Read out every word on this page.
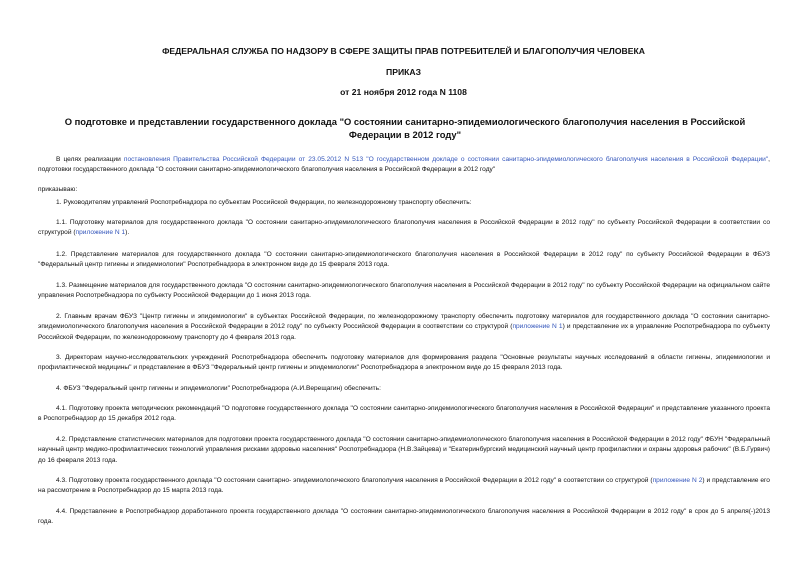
ФЕДЕРАЛЬНАЯ СЛУЖБА ПО НАДЗОРУ В СФЕРЕ ЗАЩИТЫ ПРАВ ПОТРЕБИТЕЛЕЙ И БЛАГОПОЛУЧИЯ ЧЕЛОВЕКА
ПРИКАЗ
от 21 ноября 2012 года N 1108
О подготовке и представлении государственного доклада "О состоянии санитарно-эпидемиологического благополучия населения в Российской Федерации в 2012 году"
В целях реализации постановления Правительства Российской Федерации от 23.05.2012 N 513 "О государственном докладе о состоянии санитарно-эпидемиологического благополучия населения в Российской Федерации", подготовки государственного доклада "О состоянии санитарно-эпидемиологического благополучия населения в Российской Федерации в 2012 году"
приказываю:
1. Руководителям управлений Роспотребнадзора по субъектам Российской Федерации, по железнодорожному транспорту обеспечить:
1.1. Подготовку материалов для государственного доклада "О состоянии санитарно-эпидемиологического благополучия населения в Российской Федерации в 2012 году" по субъекту Российской Федерации в соответствии со структурой (приложение N 1).
1.2. Представление материалов для государственного доклада "О состоянии санитарно-эпидемиологического благополучия населения в Российской Федерации в 2012 году" по субъекту Российской Федерации в ФБУЗ "Федеральный центр гигиены и эпидемиологии" Роспотребнадзора в электронном виде до 15 февраля 2013 года.
1.3. Размещение материалов для государственного доклада "О состоянии санитарно-эпидемиологического благополучия населения в Российской Федерации в 2012 году" по субъекту Российской Федерации на официальном сайте управления Роспотребнадзора по субъекту Российской Федерации до 1 июня 2013 года.
2. Главным врачам ФБУЗ "Центр гигиены и эпидемиологии" в субъектах Российской Федерации, по железнодорожному транспорту обеспечить подготовку материалов для государственного доклада "О состоянии санитарно-эпидемиологического благополучия населения в Российской Федерации в 2012 году" по субъекту Российской Федерации в соответствии со структурой (приложение N 1) и представление их в управление Роспотребнадзора по субъекту Российской Федерации, по железнодорожному транспорту до 4 февраля 2013 года.
3. Директорам научно-исследовательских учреждений Роспотребнадзора обеспечить подготовку материалов для формирования раздела "Основные результаты научных исследований в области гигиены, эпидемиологии и профилактической медицины" и представление в ФБУЗ "Федеральный центр гигиены и эпидемиологии" Роспотребнадзора в электронном виде до 15 февраля 2013 года.
4. ФБУЗ "Федеральный центр гигиены и эпидемиологии" Роспотребнадзора (А.И.Верещагин) обеспечить:
4.1. Подготовку проекта методических рекомендаций "О подготовке государственного доклада "О состоянии санитарно-эпидемиологического благополучия населения в Российской Федерации" и представление указанного проекта в Роспотребнадзор до 15 декабря 2012 года.
4.2. Представление статистических материалов для подготовки проекта государственного доклада "О состоянии санитарно-эпидемиологического благополучия населения в Российской Федерации в 2012 году" ФБУН "Федеральный научный центр медико-профилактических технологий управления рисками здоровью населения" Роспотребнадзора (Н.В.Зайцева) и "Екатеринбургский медицинский научный центр профилактики и охраны здоровья рабочих" (В.Б.Гурвич) до 16 февраля 2013 года.
4.3. Подготовку проекта государственного доклада "О состоянии санитарно- эпидемиологического благополучия населения в Российской Федерации в 2012 году" в соответствии со структурой (приложение N 2) и представление его на рассмотрение в Роспотребнадзор до 15 марта 2013 года.
4.4. Представление в Роспотребнадзор доработанного проекта государственного доклада "О состоянии санитарно-эпидемиологического благополучия населения в Российской Федерации в 2012 году" в срок до 5 апреля(-)2013 года.
